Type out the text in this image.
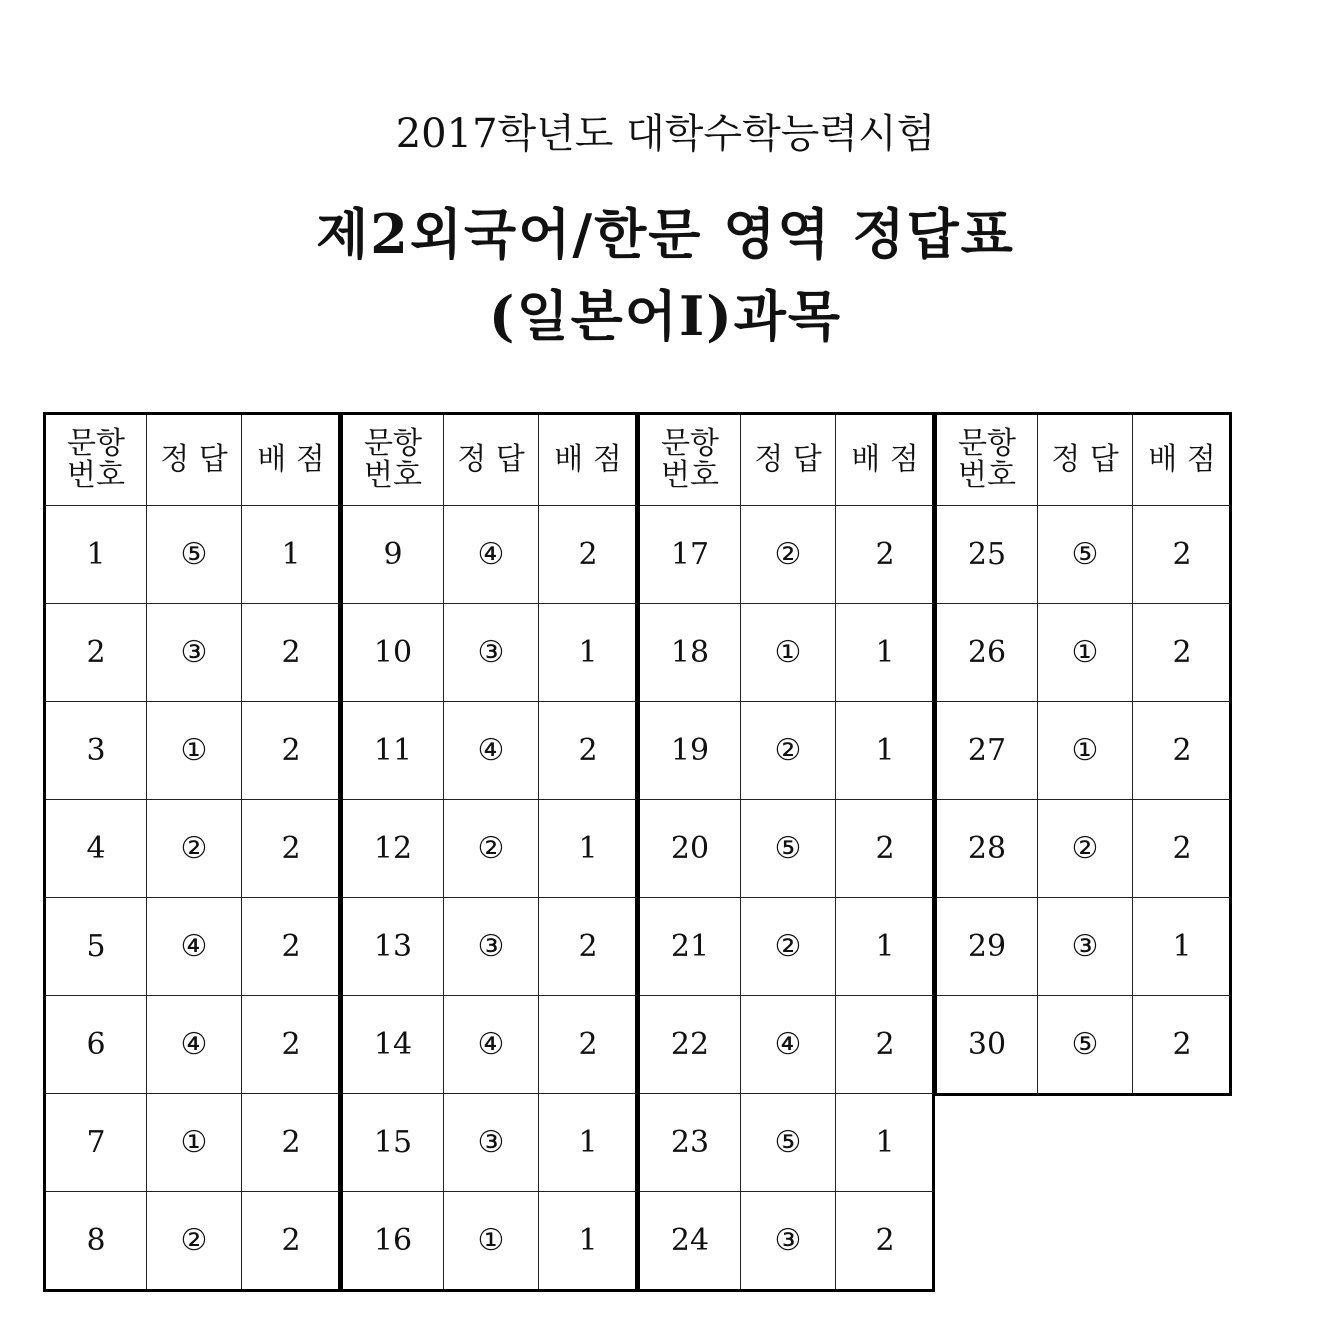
2017학년도 대학수학능력시험
제2외국어/한문 영역 정답표
(일본어Ⅰ)과목
문항
번호	정 답	배 점
1	⑤	1
2	③	2
3	①	2
4	②	2
5	④	2
6	④	2
7	①	2
8	②	2
문항
번호	정 답	배 점
9	④	2
10	③	1
11	④	2
12	②	1
13	③	2
14	④	2
15	③	1
16	①	1
문항
번호	정 답	배 점
17	②	2
18	①	1
19	②	1
20	⑤	2
21	②	1
22	④	2
23	⑤	1
24	③	2
문항
번호	정 답	배 점
25	⑤	2
26	①	2
27	①	2
28	②	2
29	③	1
30	⑤	2
